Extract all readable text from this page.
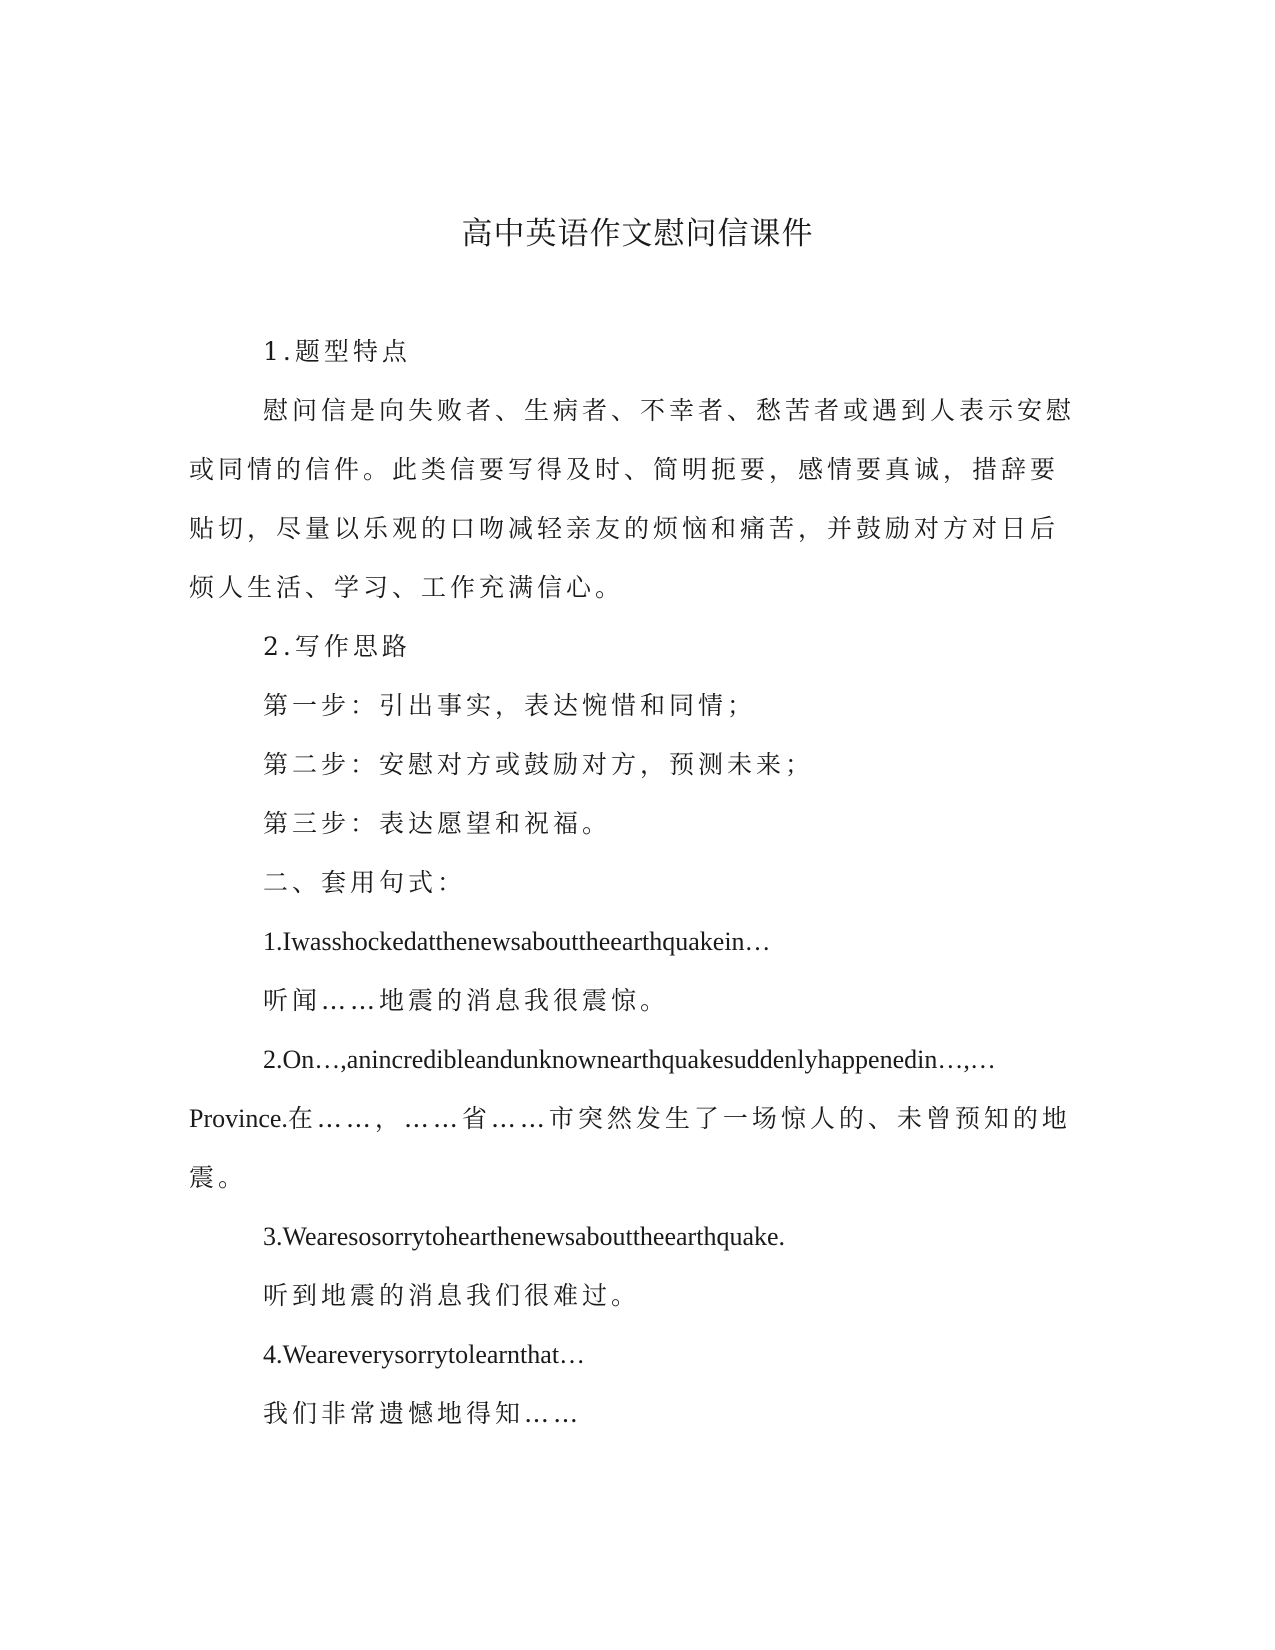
高中英语作文慰问信课件
1.题型特点
慰问信是向失败者、生病者、不幸者、愁苦者或遇到人表示安慰
或同情的信件。此类信要写得及时、简明扼要，感情要真诚，措辞要
贴切，尽量以乐观的口吻减轻亲友的烦恼和痛苦，并鼓励对方对日后
烦人生活、学习、工作充满信心。
2.写作思路
第一步：引出事实，表达惋惜和同情；
第二步：安慰对方或鼓励对方，预测未来；
第三步：表达愿望和祝福。
二、套用句式：
1.Iwasshockedatthenewsabouttheearthquakein…
听闻……地震的消息我很震惊。
2.On…,anincredibleandunknownearthquakesuddenlyhappenedin…,…
Province.在……，……省……市突然发生了一场惊人的、未曾预知的地
震。
3.Wearesosorrytohearthenewsabouttheearthquake.
听到地震的消息我们很难过。
4.Weareverysorrytolearnthat…
我们非常遗憾地得知……
